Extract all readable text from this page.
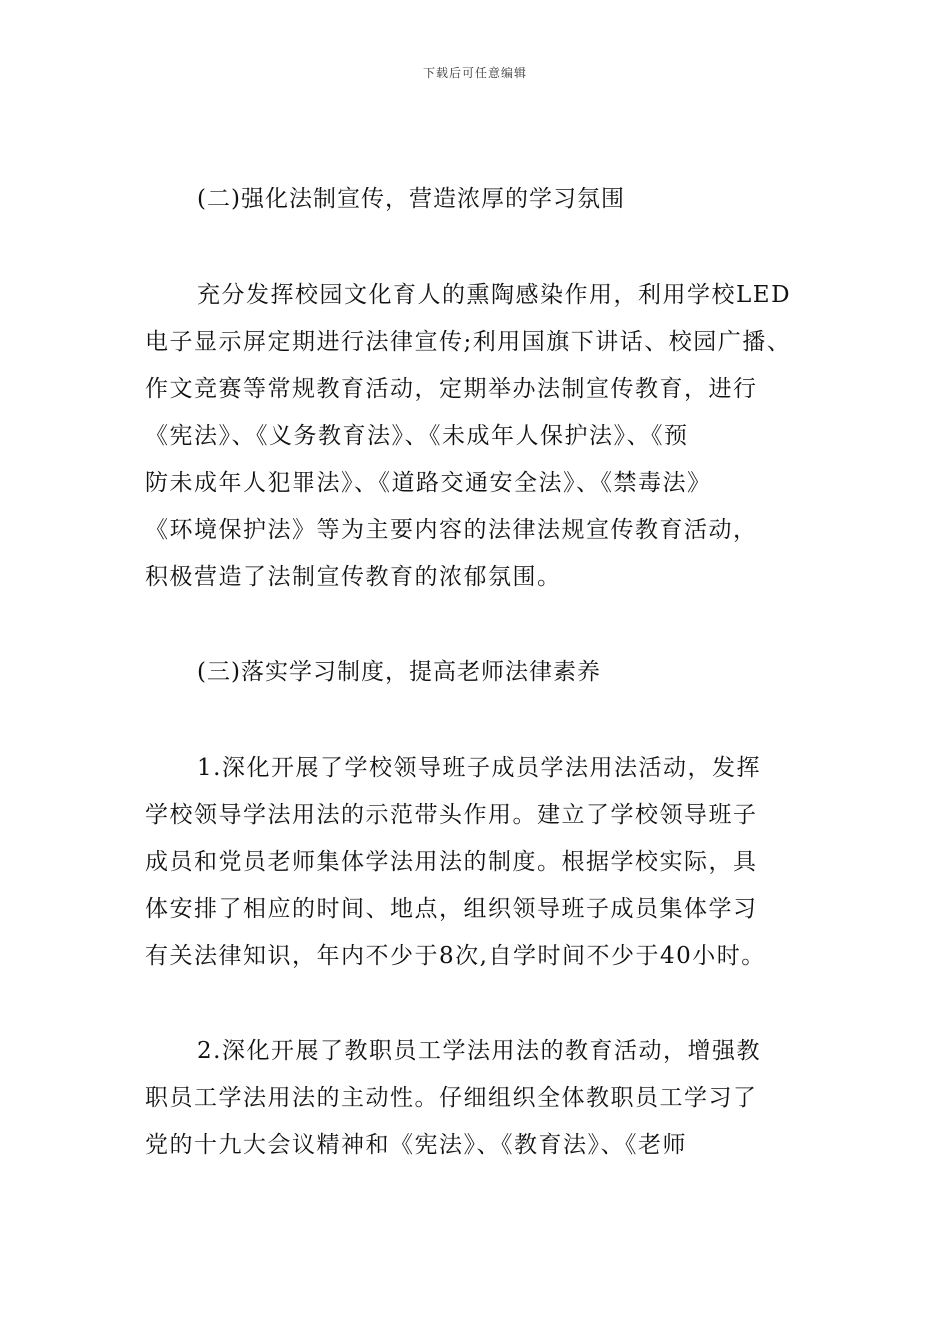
下载后可任意编辑

(二)强化法制宣传，营造浓厚的学习氛围

充分发挥校园文化育人的熏陶感染作用，利用学校LED
电子显示屏定期进行法律宣传;利用国旗下讲话、校园广播、
作文竞赛等常规教育活动，定期举办法制宣传教育，进行
《宪法》、《义务教育法》、《未成年人保护法》、《预
防未成年人犯罪法》、《道路交通安全法》、《禁毒法》
《环境保护法》等为主要内容的法律法规宣传教育活动，
积极营造了法制宣传教育的浓郁氛围。

(三)落实学习制度，提高老师法律素养

1.深化开展了学校领导班子成员学法用法活动，发挥
学校领导学法用法的示范带头作用。建立了学校领导班子
成员和党员老师集体学法用法的制度。根据学校实际，具
体安排了相应的时间、地点，组织领导班子成员集体学习
有关法律知识，年内不少于8次,自学时间不少于40小时。

2.深化开展了教职员工学法用法的教育活动，增强教
职员工学法用法的主动性。仔细组织全体教职员工学习了
党的十九大会议精神和《宪法》、《教育法》、《老师
